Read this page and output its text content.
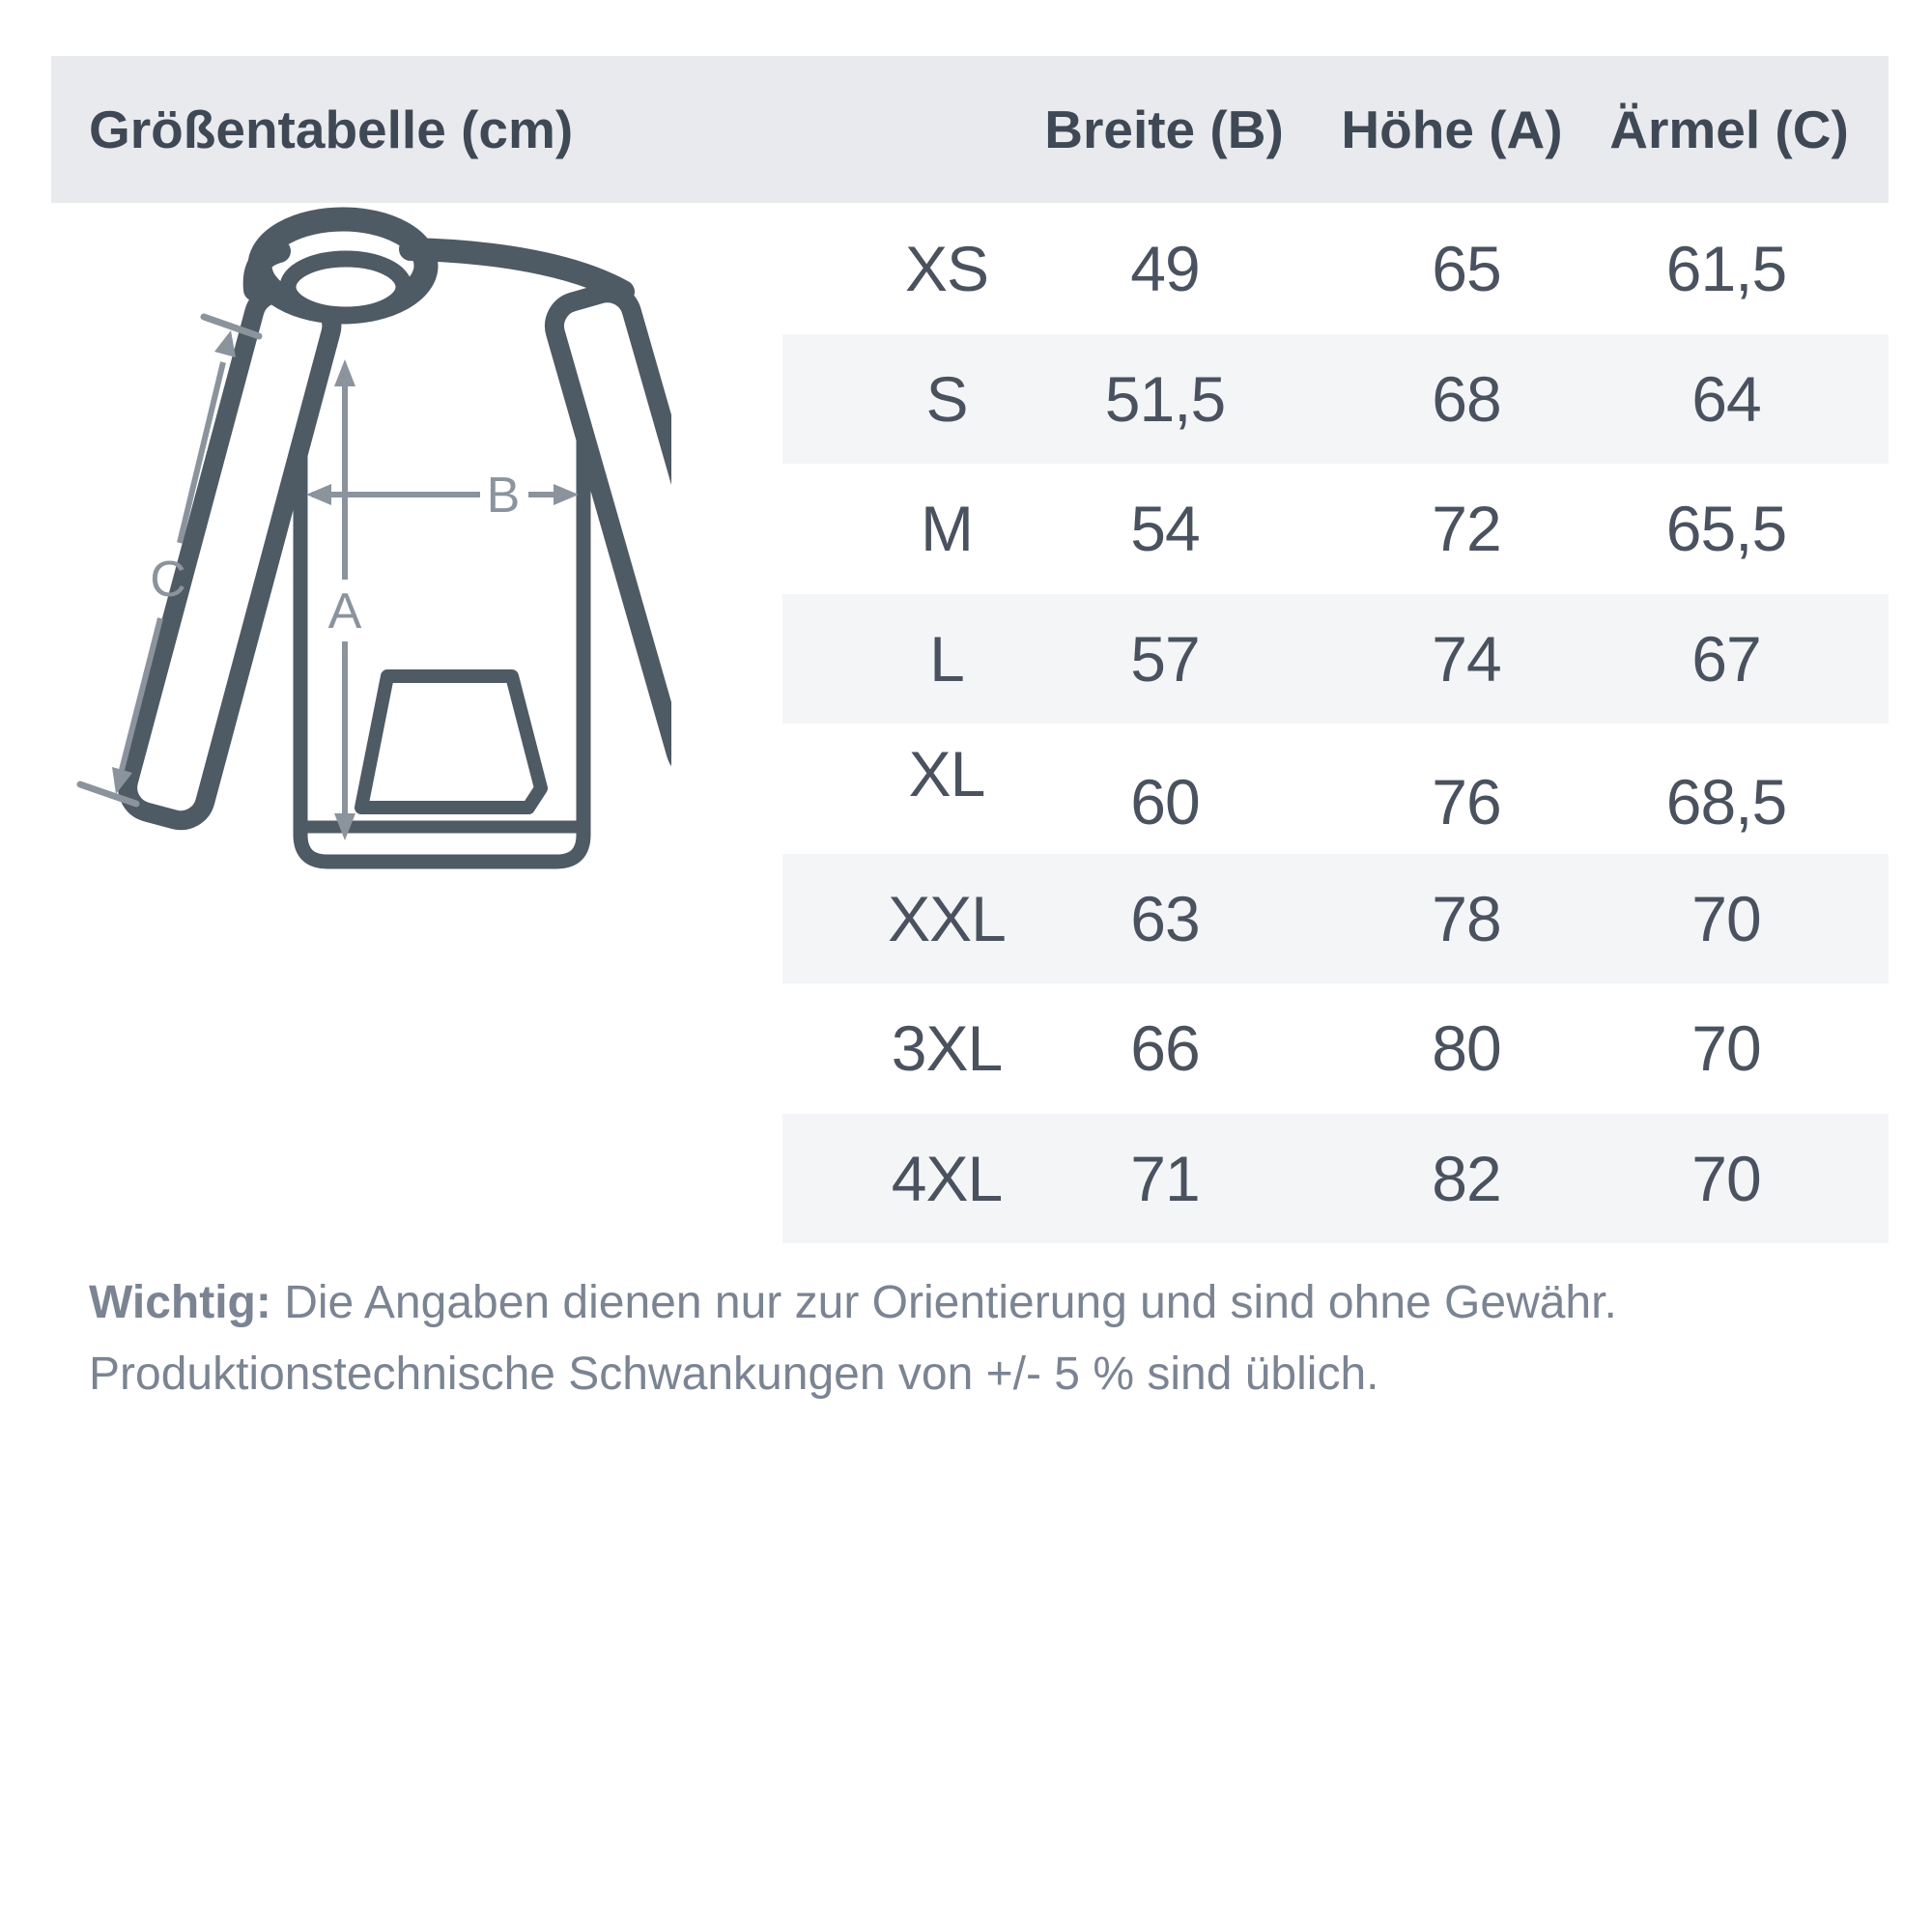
Größentabelle (cm)	Breite (B) Höhe (A) Ärmel (C)
A
B
C
XS 49	65	61,5
S 51,5	68	64
M 54	72	65,5
L	57	74	67
XL 60	76	68,5
XXL 63	78	70
3XL 66	80	70
4XL 71	82	70
Wichtig: Die Angaben dienen nur zur Orientierung und sind ohne Gewähr.
Produktionstechnische Schwankungen von +/- 5 % sind üblich.
